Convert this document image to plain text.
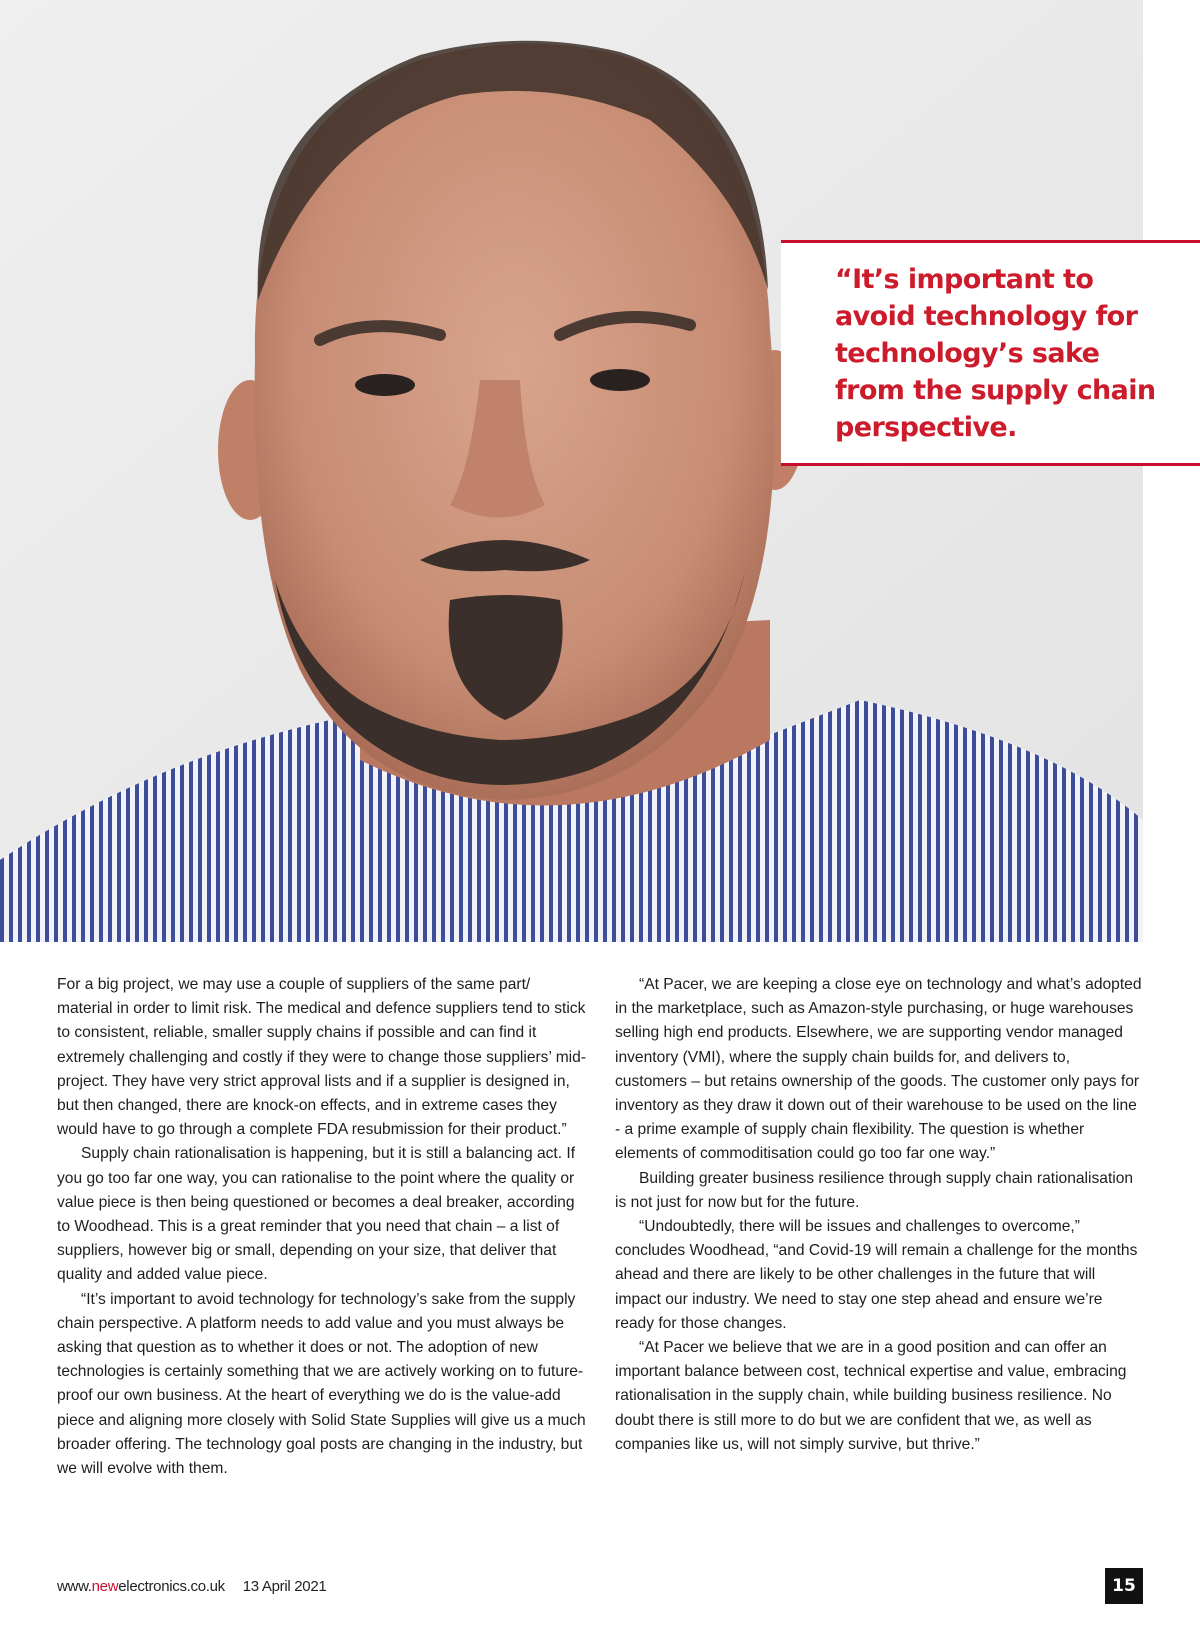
“It’s important to avoid technology for technology’s sake from the supply chain perspective.

For a big project, we may use a couple of suppliers of the same part/ material in order to limit risk. The medical and defence suppliers tend to stick to consistent, reliable, smaller supply chains if possible and can find it extremely challenging and costly if they were to change those suppliers’ mid-project. They have very strict approval lists and if a supplier is designed in, but then changed, there are knock-on effects, and in extreme cases they would have to go through a complete FDA resubmission for their product.”

Supply chain rationalisation is happening, but it is still a balancing act. If you go too far one way, you can rationalise to the point where the quality or value piece is then being questioned or becomes a deal breaker, according to Woodhead. This is a great reminder that you need that chain – a list of suppliers, however big or small, depending on your size, that deliver that quality and added value piece.

“It’s important to avoid technology for technology’s sake from the supply chain perspective. A platform needs to add value and you must always be asking that question as to whether it does or not. The adoption of new technologies is certainly something that we are actively working on to future-proof our own business. At the heart of everything we do is the value-add piece and aligning more closely with Solid State Supplies will give us a much broader offering. The technology goal posts are changing in the industry, but we will evolve with them.

“At Pacer, we are keeping a close eye on technology and what’s adopted in the marketplace, such as Amazon-style purchasing, or huge warehouses selling high end products. Elsewhere, we are supporting vendor managed inventory (VMI), where the supply chain builds for, and delivers to, customers – but retains ownership of the goods. The customer only pays for inventory as they draw it down out of their warehouse to be used on the line - a prime example of supply chain flexibility. The question is whether elements of commoditisation could go too far one way.”

Building greater business resilience through supply chain rationalisation is not just for now but for the future.

“Undoubtedly, there will be issues and challenges to overcome,” concludes Woodhead, “and Covid-19 will remain a challenge for the months ahead and there are likely to be other challenges in the future that will impact our industry. We need to stay one step ahead and ensure we’re ready for those changes.

“At Pacer we believe that we are in a good position and can offer an important balance between cost, technical expertise and value, embracing rationalisation in the supply chain, while building business resilience. No doubt there is still more to do but we are confident that we, as well as companies like us, will not simply survive, but thrive.”

www.newelectronics.co.uk 13 April 2021	15
